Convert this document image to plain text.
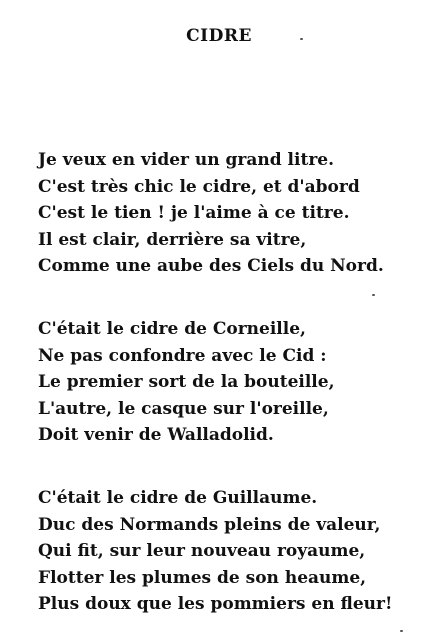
CIDRE
Je veux en vider un grand litre.
C'est très chic le cidre, et d'abord
C'est le tien ! je l'aime à ce titre.
Il est clair, derrière sa vitre,
Comme une aube des Ciels du Nord.
C'était le cidre de Corneille,
Ne pas confondre avec le Cid :
Le premier sort de la bouteille,
L'autre, le casque sur l'oreille,
Doit venir de Walladolid.
C'était le cidre de Guillaume.
Duc des Normands pleins de valeur,
Qui fit, sur leur nouveau royaume,
Flotter les plumes de son heaume,
Plus doux que les pommiers en fleur!
